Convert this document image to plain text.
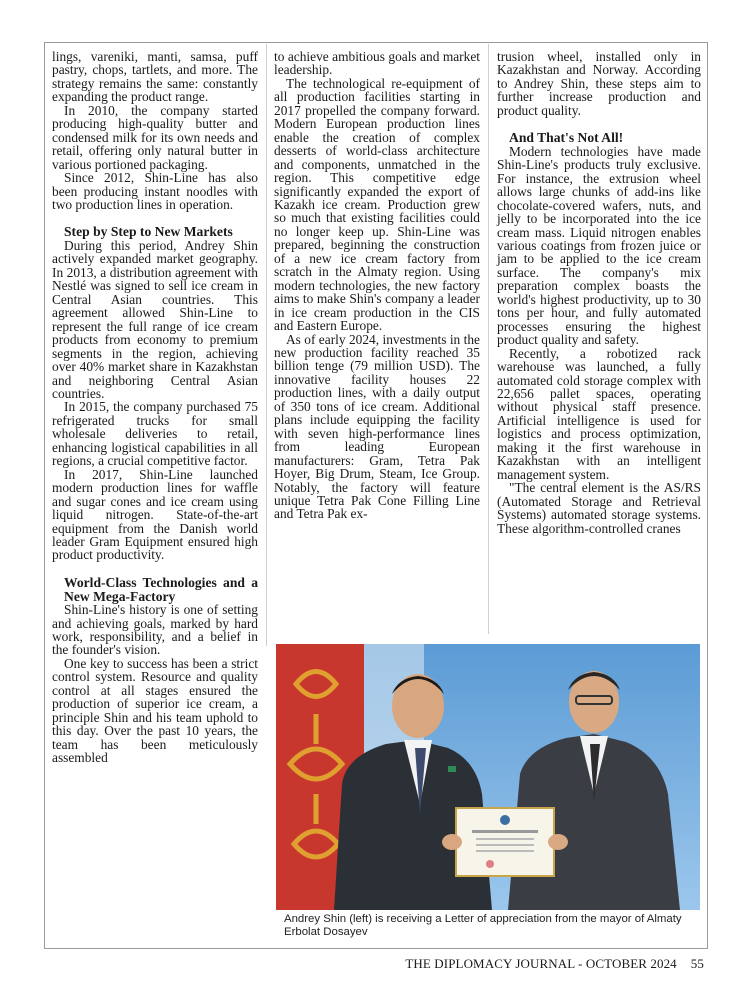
lings, vareniki, manti, samsa, puff pastry, chops, tartlets, and more. The strategy remains the same: constantly expanding the product range.

In 2010, the company started producing high-quality butter and condensed milk for its own needs and retail, offering only natural butter in various portioned packaging.

Since 2012, Shin-Line has also been producing instant noodles with two production lines in operation.

Step by Step to New Markets

During this period, Andrey Shin actively expanded market geography. In 2013, a distribution agreement with Nestlé was signed to sell ice cream in Central Asian countries. This agreement allowed Shin-Line to represent the full range of ice cream products from economy to premium segments in the region, achieving over 40% market share in Kazakhstan and neighboring Central Asian countries.

In 2015, the company purchased 75 refrigerated trucks for small wholesale deliveries to retail, enhancing logistical capabilities in all regions, a crucial competitive factor.

In 2017, Shin-Line launched modern production lines for waffle and sugar cones and ice cream using liquid nitrogen. State-of-the-art equipment from the Danish world leader Gram Equipment ensured high product productivity.

World-Class Technologies and a New Mega-Factory

Shin-Line's history is one of setting and achieving goals, marked by hard work, responsibility, and a belief in the founder's vision.

One key to success has been a strict control system. Resource and quality control at all stages ensured the production of superior ice cream, a principle Shin and his team uphold to this day. Over the past 10 years, the team has been meticulously assembled

to achieve ambitious goals and market leadership.

The technological re-equipment of all production facilities starting in 2017 propelled the company forward. Modern European production lines enable the creation of complex desserts of world-class architecture and components, unmatched in the region. This competitive edge significantly expanded the export of Kazakh ice cream. Production grew so much that existing facilities could no longer keep up. Shin-Line was prepared, beginning the construction of a new ice cream factory from scratch in the Almaty region. Using modern technologies, the new factory aims to make Shin's company a leader in ice cream production in the CIS and Eastern Europe.

As of early 2024, investments in the new production facility reached 35 billion tenge (79 million USD). The innovative facility houses 22 production lines, with a daily output of 350 tons of ice cream. Additional plans include equipping the facility with seven high-performance lines from leading European manufacturers: Gram, Tetra Pak Hoyer, Big Drum, Steam, Ice Group. Notably, the factory will feature unique Tetra Pak Cone Filling Line and Tetra Pak ex-

trusion wheel, installed only in Kazakhstan and Norway. According to Andrey Shin, these steps aim to further increase production and product quality.

And That's Not All!

Modern technologies have made Shin-Line's products truly exclusive. For instance, the extrusion wheel allows large chunks of add-ins like chocolate-covered wafers, nuts, and jelly to be incorporated into the ice cream mass. Liquid nitrogen enables various coatings from frozen juice or jam to be applied to the ice cream surface. The company's mix preparation complex boasts the world's highest productivity, up to 30 tons per hour, and fully automated processes ensuring the highest product quality and safety.

Recently, a robotized rack warehouse was launched, a fully automated cold storage complex with 22,656 pallet spaces, operating without physical staff presence. Artificial intelligence is used for logistics and process optimization, making it the first warehouse in Kazakhstan with an intelligent management system.

"The central element is the AS/RS (Automated Storage and Retrieval Systems) automated storage systems. These algorithm-controlled cranes

Andrey Shin (left) is receiving a Letter of appreciation from the mayor of Almaty Erbolat Dosayev
THE DIPLOMACY JOURNAL - OCTOBER 2024 55
